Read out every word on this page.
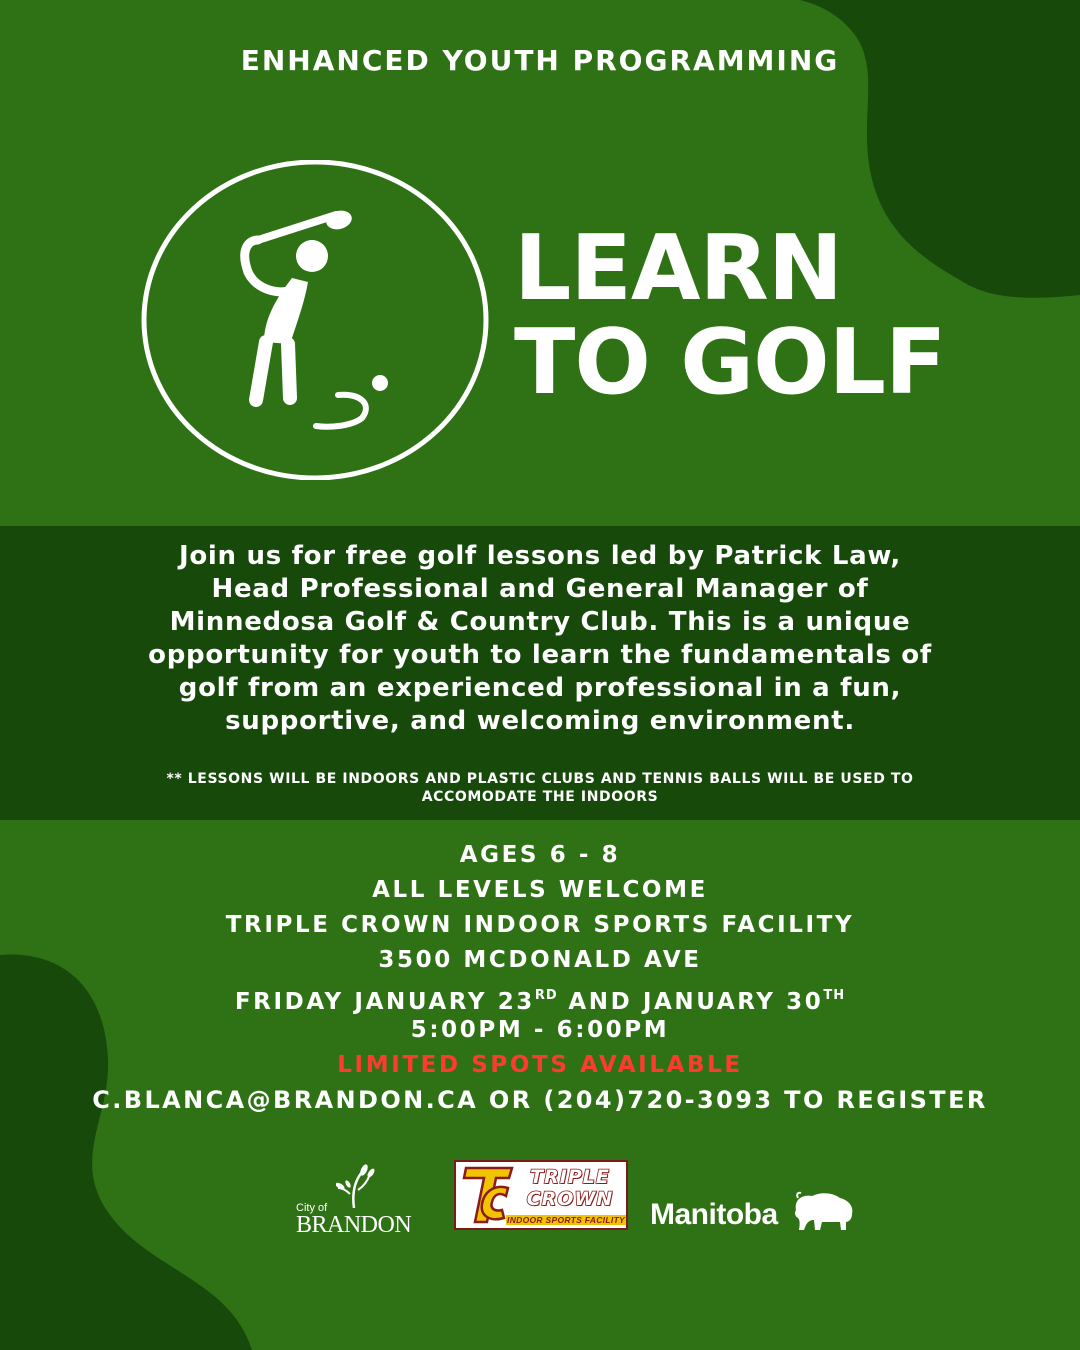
ENHANCED YOUTH PROGRAMMING
LEARN
TO GOLF
Join us for free golf lessons led by Patrick Law, Head Professional and General Manager of Minnedosa Golf & Country Club. This is a unique opportunity for youth to learn the fundamentals of golf from an experienced professional in a fun, supportive, and welcoming environment.
** LESSONS WILL BE INDOORS AND PLASTIC CLUBS AND TENNIS BALLS WILL BE USED TO ACCOMODATE THE INDOORS
AGES 6 - 8
ALL LEVELS WELCOME
TRIPLE CROWN INDOOR SPORTS FACILITY
3500 MCDONALD AVE
FRIDAY JANUARY 23RD AND JANUARY 30TH
5:00PM - 6:00PM
LIMITED SPOTS AVAILABLE
C.BLANCA@BRANDON.CA OR (204)720-3093 TO REGISTER
City of
BRANDON
TRIPLE
CROWN
INDOOR SPORTS FACILITY Manitoba
